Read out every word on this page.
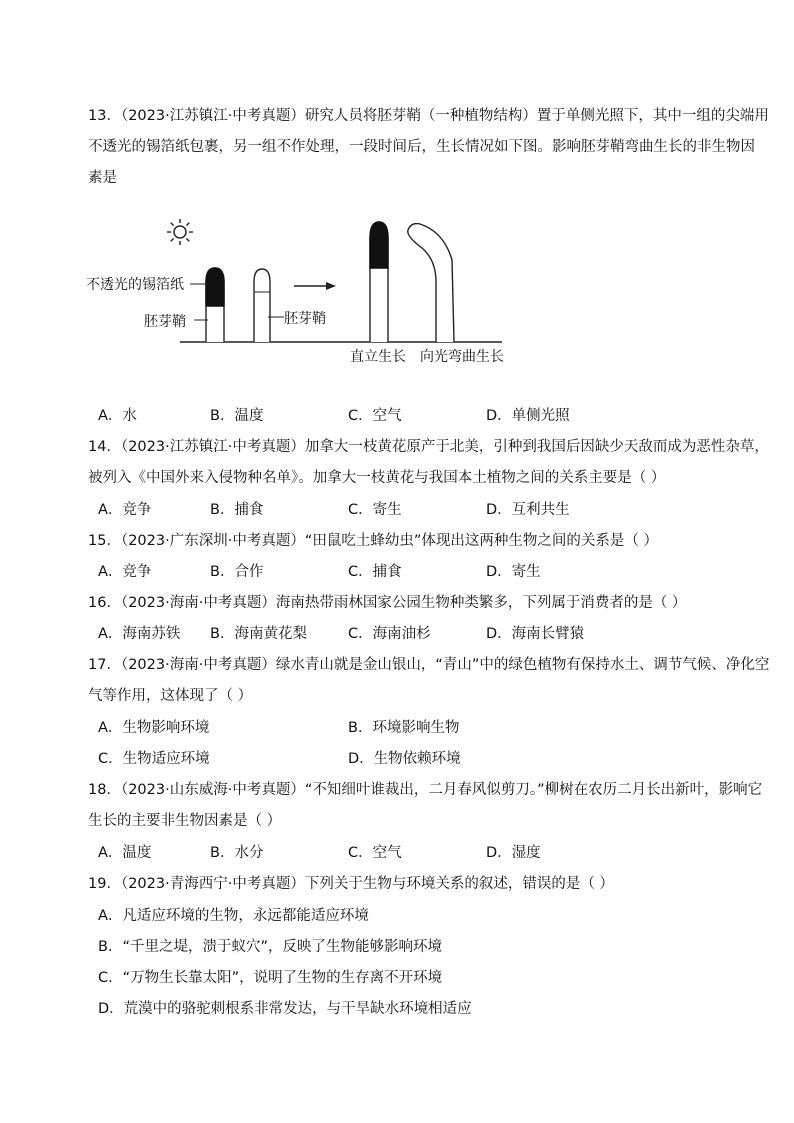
13．（2023·江苏镇江·中考真题）研究人员将胚芽鞘（一种植物结构）置于单侧光照下，其中一组的尖端用
不透光的锡箔纸包裹，另一组不作处理，一段时间后，生长情况如下图。影响胚芽鞘弯曲生长的非生物因
素是
不透光的锡箔纸
胚芽鞘	胚芽鞘
直立生长 向光弯曲生长
A．水	B．温度	C．空气	D．单侧光照
14．（2023·江苏镇江·中考真题）加拿大一枝黄花原产于北美，引种到我国后因缺少天敌而成为恶性杂草，
被列入《中国外来入侵物种名单》。加拿大一枝黄花与我国本土植物之间的关系主要是（ ）
A．竞争	B．捕食	C．寄生	D．互利共生
15．（2023·广东深圳·中考真题）“田鼠吃土蜂幼虫”体现出这两种生物之间的关系是（ ）
A．竞争	B．合作	C．捕食	D．寄生
16．（2023·海南·中考真题）海南热带雨林国家公园生物种类繁多，下列属于消费者的是（ ）
A．海南苏铁 B．海南黄花梨	C．海南油杉	D．海南长臂猿
17．（2023·海南·中考真题）绿水青山就是金山银山，“青山”中的绿色植物有保持水土、调节气候、净化空
气等作用，这体现了（ ）
A．生物影响环境	B．环境影响生物
C．生物适应环境	D．生物依赖环境
18．（2023·山东威海·中考真题）“不知细叶谁裁出，二月春风似剪刀。”柳树在农历二月长出新叶，影响它
生长的主要非生物因素是（ ）
A．温度	B．水分	C．空气	D．湿度
19．（2023·青海西宁·中考真题）下列关于生物与环境关系的叙述，错误的是（ ）
A．凡适应环境的生物，永远都能适应环境
B．“千里之堤，溃于蚁穴”，反映了生物能够影响环境
C．“万物生长靠太阳”，说明了生物的生存离不开环境
D．荒漠中的骆驼刺根系非常发达，与干旱缺水环境相适应
